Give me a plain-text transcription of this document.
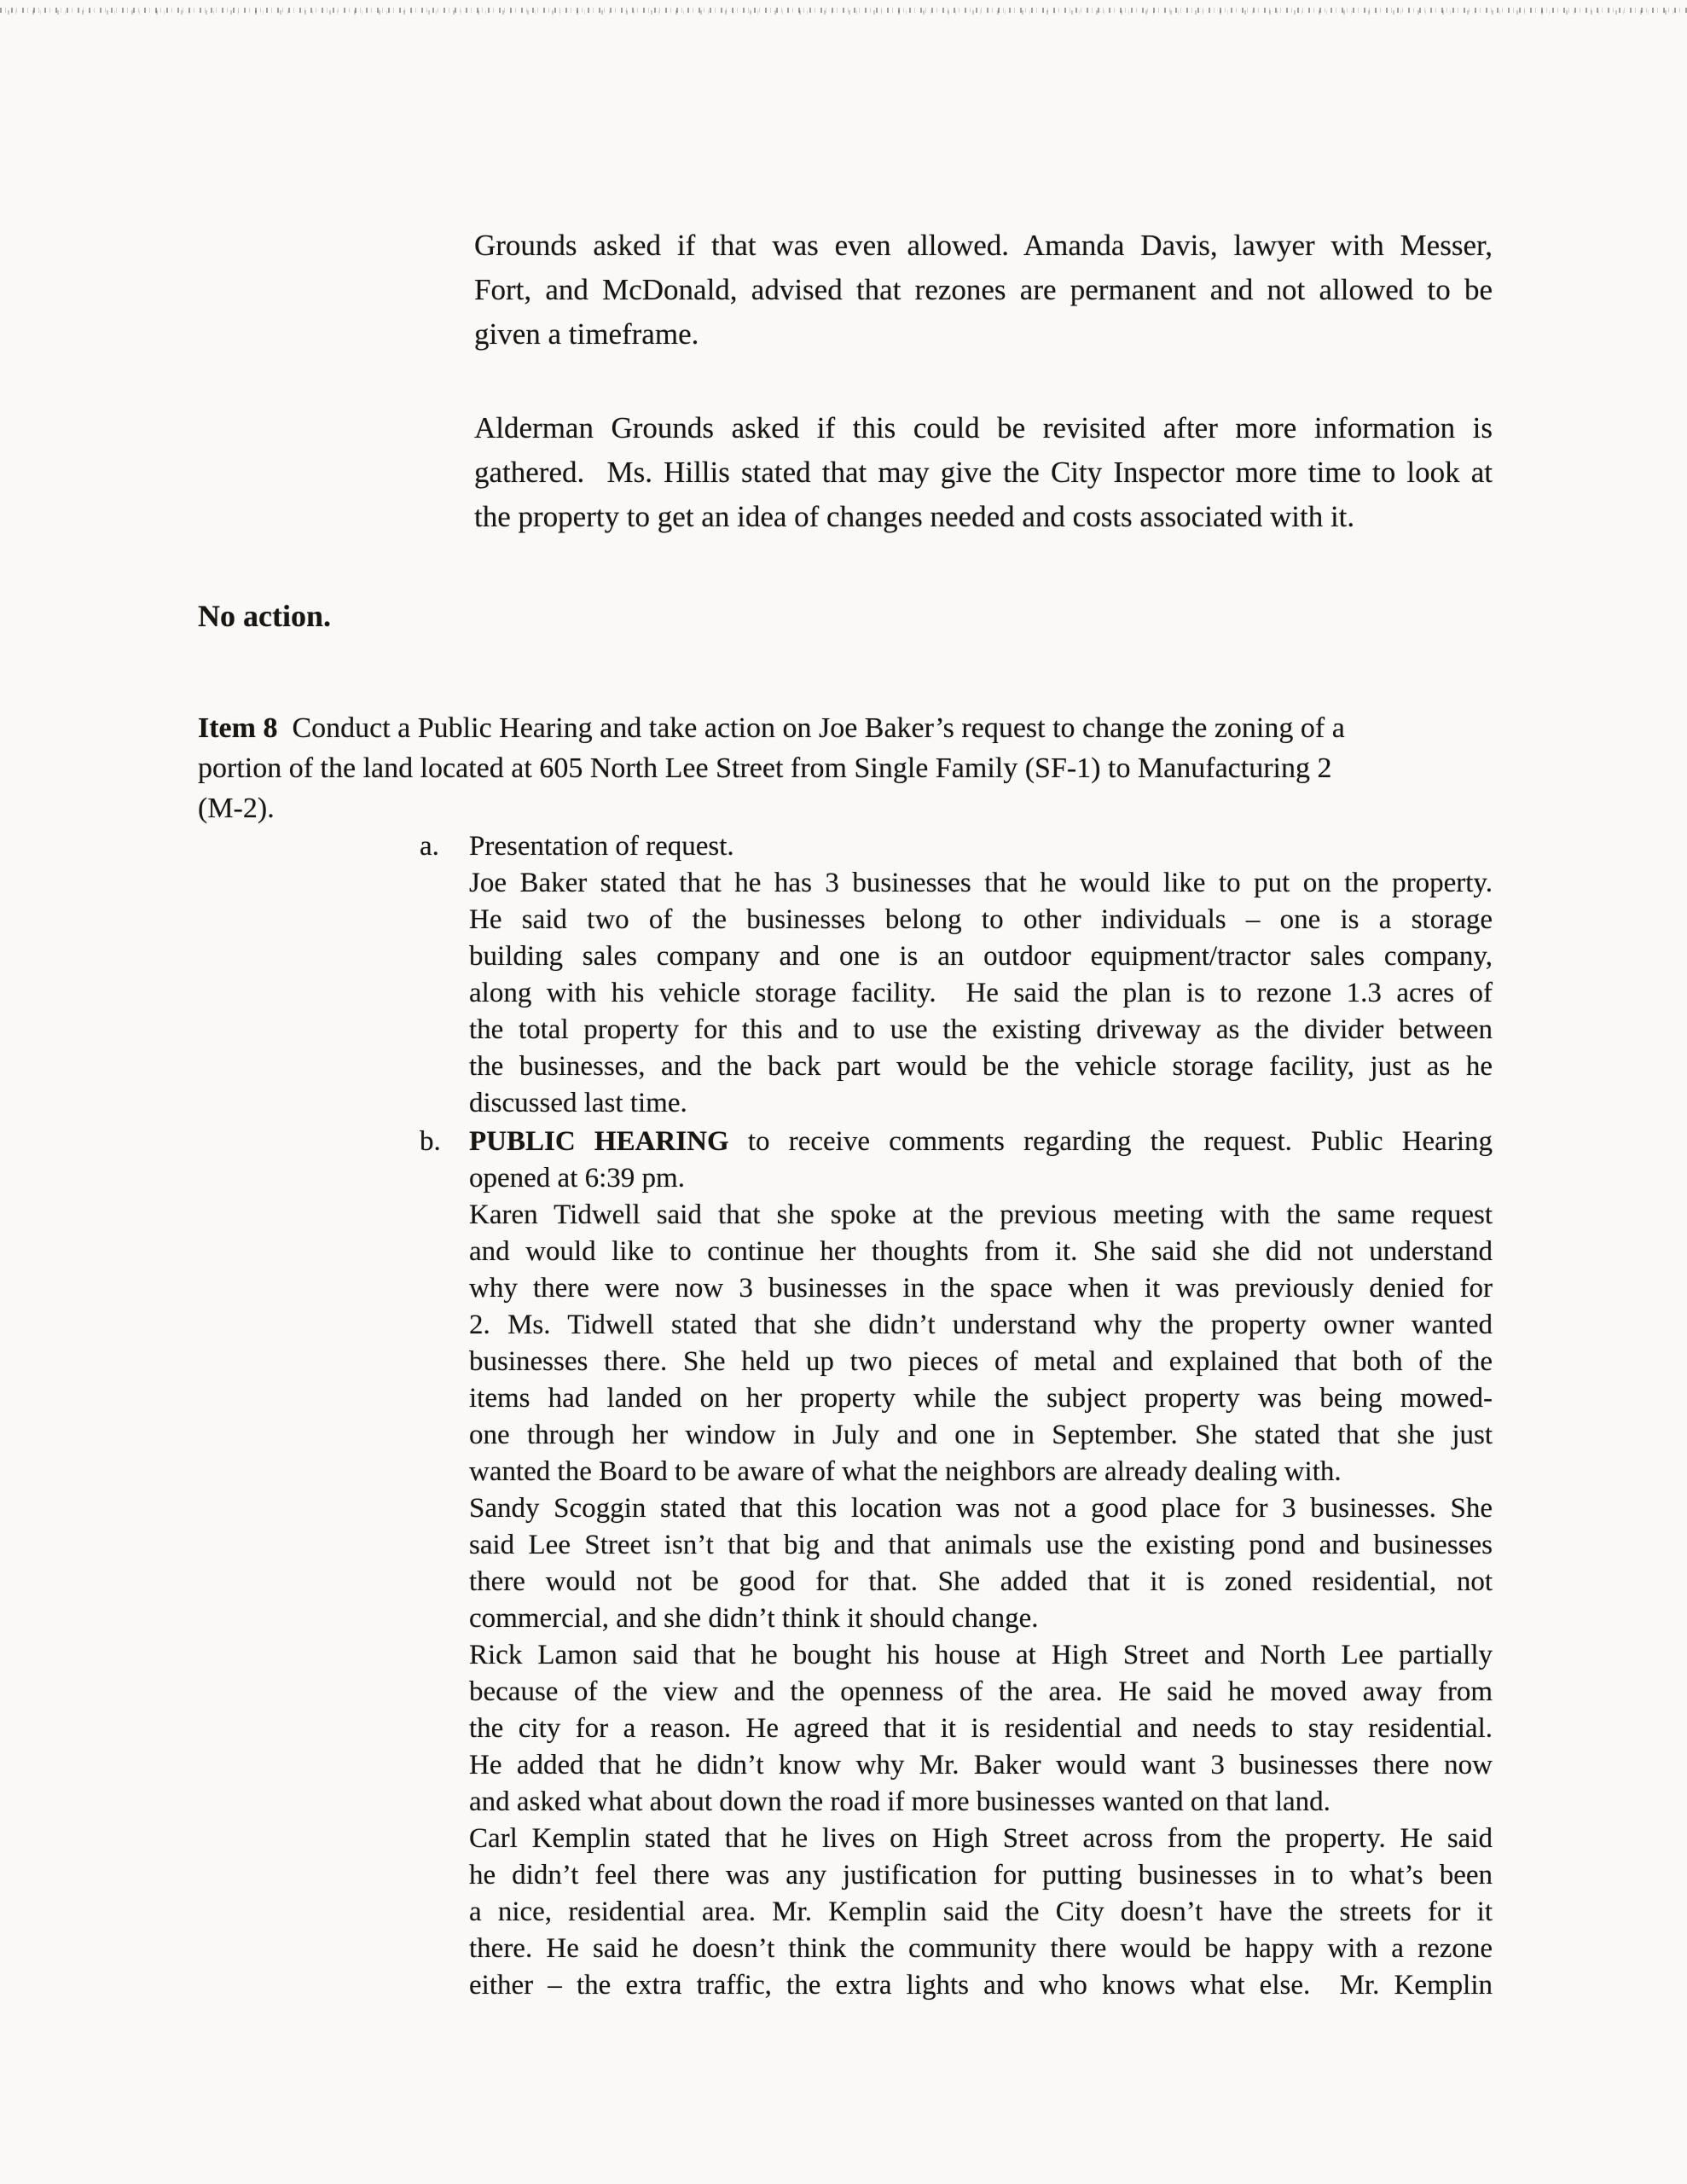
Grounds asked if that was even allowed. Amanda Davis, lawyer with Messer,
Fort, and McDonald, advised that rezones are permanent and not allowed to be
given a timeframe.
Alderman Grounds asked if this could be revisited after more information is
gathered.  Ms. Hillis stated that may give the City Inspector more time to look at
the property to get an idea of changes needed and costs associated with it.
No action.
Item 8  Conduct a Public Hearing and take action on Joe Baker’s request to change the zoning of a
portion of the land located at 605 North Lee Street from Single Family (SF-1) to Manufacturing 2
(M-2).
a.	Presentation of request.
Joe Baker stated that he has 3 businesses that he would like to put on the property.
He said two of the businesses belong to other individuals – one is a storage
building sales company and one is an outdoor equipment/tractor sales company,
along with his vehicle storage facility.  He said the plan is to rezone 1.3 acres of
the total property for this and to use the existing driveway as the divider between
the businesses, and the back part would be the vehicle storage facility, just as he
discussed last time.
b.	PUBLIC HEARING to receive comments regarding the request. Public Hearing
opened at 6:39 pm.
Karen Tidwell said that she spoke at the previous meeting with the same request
and would like to continue her thoughts from it. She said she did not understand
why there were now 3 businesses in the space when it was previously denied for
2. Ms. Tidwell stated that she didn’t understand why the property owner wanted
businesses there. She held up two pieces of metal and explained that both of the
items had landed on her property while the subject property was being mowed-
one through her window in July and one in September. She stated that she just
wanted the Board to be aware of what the neighbors are already dealing with.
Sandy Scoggin stated that this location was not a good place for 3 businesses. She
said Lee Street isn’t that big and that animals use the existing pond and businesses
there would not be good for that. She added that it is zoned residential, not
commercial, and she didn’t think it should change.
Rick Lamon said that he bought his house at High Street and North Lee partially
because of the view and the openness of the area. He said he moved away from
the city for a reason. He agreed that it is residential and needs to stay residential.
He added that he didn’t know why Mr. Baker would want 3 businesses there now
and asked what about down the road if more businesses wanted on that land.
Carl Kemplin stated that he lives on High Street across from the property. He said
he didn’t feel there was any justification for putting businesses in to what’s been
a nice, residential area. Mr. Kemplin said the City doesn’t have the streets for it
there. He said he doesn’t think the community there would be happy with a rezone
either – the extra traffic, the extra lights and who knows what else.  Mr. Kemplin
